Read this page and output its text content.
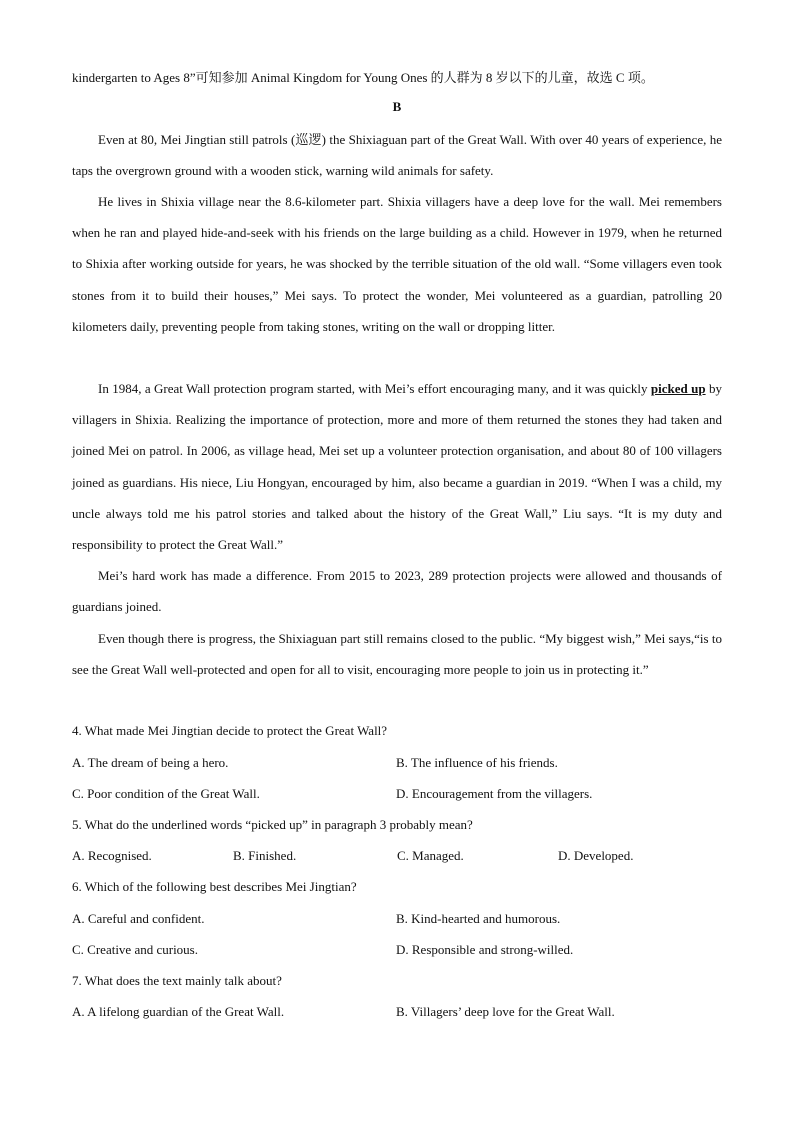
kindergarten to Ages 8”可知参加 Animal Kingdom for Young Ones 的人群为 8 岁以下的儿童，故选 C 项。
B

Even at 80, Mei Jingtian still patrols (巡逻) the Shixiaguan part of the Great Wall. With over 40 years of experience, he taps the overgrown ground with a wooden stick, warning wild animals for safety.

He lives in Shixia village near the 8.6-kilometer part. Shixia villagers have a deep love for the wall. Mei remembers when he ran and played hide-and-seek with his friends on the large building as a child. However in 1979, when he returned to Shixia after working outside for years, he was shocked by the terrible situation of the old wall. “Some villagers even took stones from it to build their houses,” Mei says. To protect the wonder, Mei volunteered as a guardian, patrolling 20 kilometers daily, preventing people from taking stones, writing on the wall or dropping litter.

In 1984, a Great Wall protection program started, with Mei’s effort encouraging many, and it was quickly picked up by villagers in Shixia. Realizing the importance of protection, more and more of them returned the stones they had taken and joined Mei on patrol. In 2006, as village head, Mei set up a volunteer protection organisation, and about 80 of 100 villagers joined as guardians. His niece, Liu Hongyan, encouraged by him, also became a guardian in 2019. “When I was a child, my uncle always told me his patrol stories and talked about the history of the Great Wall,” Liu says. “It is my duty and responsibility to protect the Great Wall.”

Mei’s hard work has made a difference. From 2015 to 2023, 289 protection projects were allowed and thousands of guardians joined.

Even though there is progress, the Shixiaguan part still remains closed to the public. “My biggest wish,” Mei says,“is to see the Great Wall well-protected and open for all to visit, encouraging more people to join us in protecting it.”

4. What made Mei Jingtian decide to protect the Great Wall?
A. The dream of being a hero.	B. The influence of his friends.
C. Poor condition of the Great Wall.	D. Encouragement from the villagers.
5. What do the underlined words “picked up” in paragraph 3 probably mean?
A. Recognised.	B. Finished.	C. Managed.	D. Developed.
6. Which of the following best describes Mei Jingtian?
A. Careful and confident.	B. Kind-hearted and humorous.
C. Creative and curious.	D. Responsible and strong-willed.
7. What does the text mainly talk about?
A. A lifelong guardian of the Great Wall.	B. Villagers’ deep love for the Great Wall.
